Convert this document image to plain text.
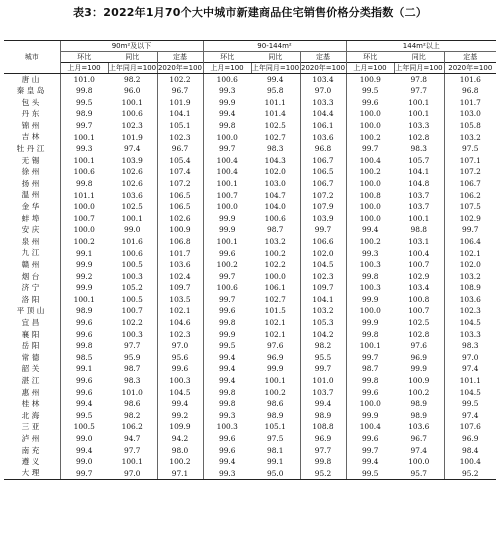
表3：2022年1月70个大中城市新建商品住宅销售价格分类指数（二）
城市	90m²及以下			90-144m²			144m²以上		
	环比	同比	定基	环比	同比	定基	环比	同比	定基
	上月=100	上年同月=100	2020年=100	上月=100	上年同月=100	2020年=100	上月=100	上年同月=100	2020年=100
唐山	101.0	98.2	102.2	100.6	99.4	103.4	100.9	97.8	101.6
秦皇岛	99.8	96.0	96.7	99.3	95.8	97.0	99.5	97.7	96.8
包头	99.5	100.1	101.9	99.9	101.1	103.3	99.6	100.1	101.7
丹东	98.9	100.6	104.1	99.4	101.4	104.4	100.0	100.1	103.0
锦州	99.7	102.3	105.1	99.8	102.5	106.1	100.0	103.3	105.8
吉林	100.1	101.9	102.3	100.0	102.7	103.6	100.2	102.8	103.2
牡丹江	99.3	97.4	96.7	99.7	98.3	96.8	99.7	98.3	97.5
无锡	100.1	103.9	105.4	100.4	104.3	106.7	100.4	105.7	107.1
徐州	100.6	102.6	107.4	100.4	102.0	106.5	100.2	104.1	107.2
扬州	99.8	102.6	107.2	100.1	103.0	106.7	100.0	104.8	106.7
温州	101.1	103.6	106.5	100.7	104.7	107.2	100.8	103.7	106.2
金华	100.0	102.5	106.5	100.0	104.0	107.9	100.0	103.7	107.5
蚌埠	100.7	100.1	102.6	99.9	100.6	103.9	100.0	100.1	102.9
安庆	100.0	99.0	100.9	99.9	98.7	99.7	99.4	98.8	99.7
泉州	100.2	101.6	106.8	100.1	103.2	106.6	100.2	103.1	106.4
九江	99.1	100.6	101.7	99.6	100.2	102.0	99.3	100.4	102.1
赣州	99.9	100.5	103.6	100.2	102.2	104.5	100.3	100.7	102.0
烟台	99.2	100.3	102.4	99.7	100.0	102.3	99.8	102.9	103.2
济宁	99.9	105.2	109.7	100.6	106.1	109.7	100.3	103.4	108.9
洛阳	100.1	100.5	103.5	99.7	102.7	104.1	99.9	100.8	103.6
平顶山	98.9	100.7	102.1	99.6	101.5	103.2	100.0	100.7	102.3
宜昌	99.6	102.2	104.6	99.8	102.1	105.3	99.9	102.5	104.5
襄阳	99.6	100.3	102.3	99.9	102.1	104.2	99.8	102.8	103.3
岳阳	99.8	97.7	97.0	99.5	97.6	98.2	100.1	97.6	98.3
常德	98.5	95.9	95.6	99.4	96.9	95.5	99.7	96.9	97.0
韶关	99.1	98.7	99.6	99.4	99.9	99.7	98.7	99.9	97.4
湛江	99.6	98.3	100.3	99.4	100.1	101.0	99.8	100.9	101.1
惠州	99.6	101.0	104.5	99.8	100.2	103.7	99.6	100.2	104.5
桂林	99.4	98.6	99.4	99.8	98.6	99.4	100.0	98.9	99.5
北海	99.5	98.2	99.2	99.3	98.9	98.9	99.9	98.9	97.4
三亚	100.5	106.2	109.9	100.3	105.1	108.8	100.4	103.6	107.6
泸州	99.0	94.7	94.2	99.6	97.5	96.9	99.6	96.7	96.9
南充	99.4	97.7	98.0	99.6	98.1	97.7	99.7	97.4	98.4
遵义	99.0	100.1	100.2	99.4	99.1	99.8	99.4	100.0	100.4
大理	99.7	97.0	97.1	99.3	95.0	95.2	99.5	95.7	95.2
